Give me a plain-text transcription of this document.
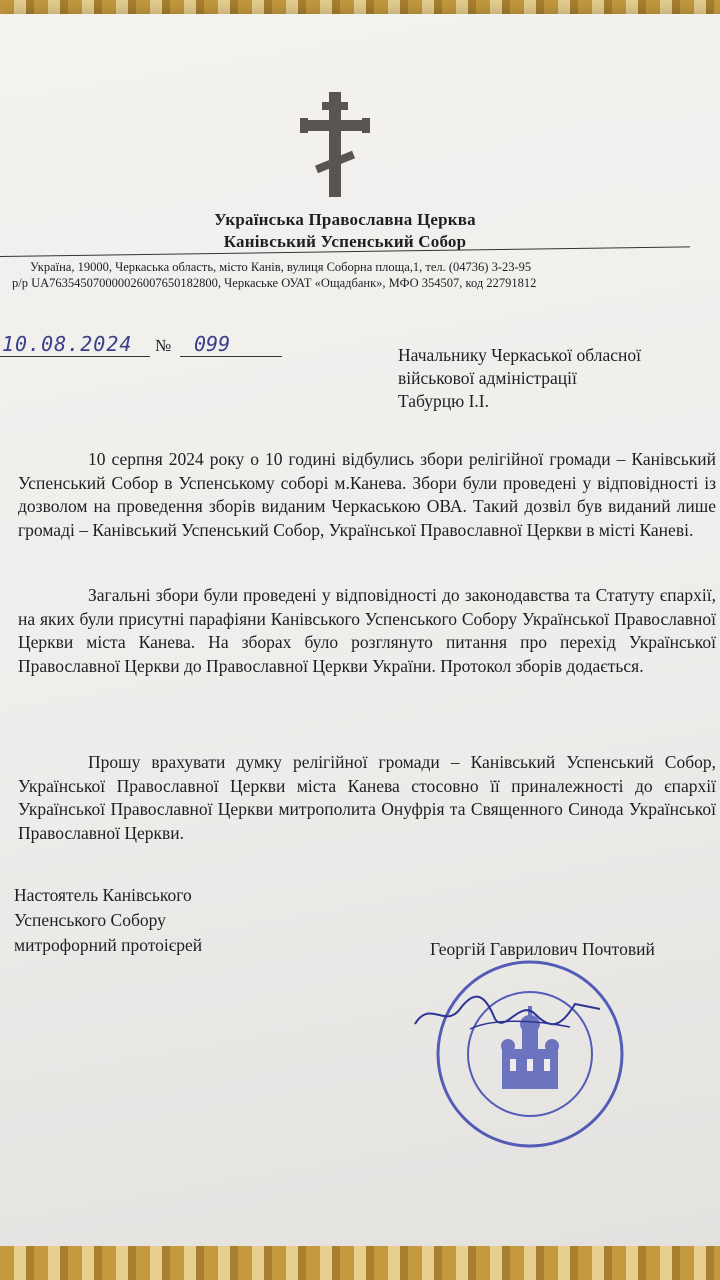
Українська Православна Церква
Канівський Успенський Собор
Україна, 19000, Черкаська область, місто Канів, вулиця Соборна площа,1, тел. (04736) 3-23-95
р/р UA763545070000026007650182800, Черкаське ОУАТ «Ощадбанк», МФО 354507, код 22791812
10.08.2024	№	099	Начальнику Черкаської обласної
військової адміністрації
Табурцю І.І.
10 серпня 2024 року о 10 годині відбулись збори релігійної громади – Канівський Успенський Собор в Успенському соборі м.Канева. Збори були проведені у відповідності із дозволом на проведення зборів виданим Черкаською ОВА. Такий дозвіл був виданий лише громаді – Канівський Успенський Собор, Української Православної Церкви в місті Каневі.
Загальні збори були проведені у відповідності до законодавства та Статуту єпархії, на яких були присутні парафіяни Канівського Успенського Собору Української Православної Церкви міста Канева. На зборах було розглянуто питання про перехід Української Православної Церкви до Православної Церкви України. Протокол зборів додається.
Прошу врахувати думку релігійної громади – Канівський Успенський Собор, Української Православної Церкви міста Канева стосовно її приналежності до єпархії Української Православної Церкви митрополита Онуфрія та Священного Синода Української Православної Церкви.
Настоятель Канівського
Успенського Собору
митрофорний протоієрей	Георгій Гаврилович Почтовий
